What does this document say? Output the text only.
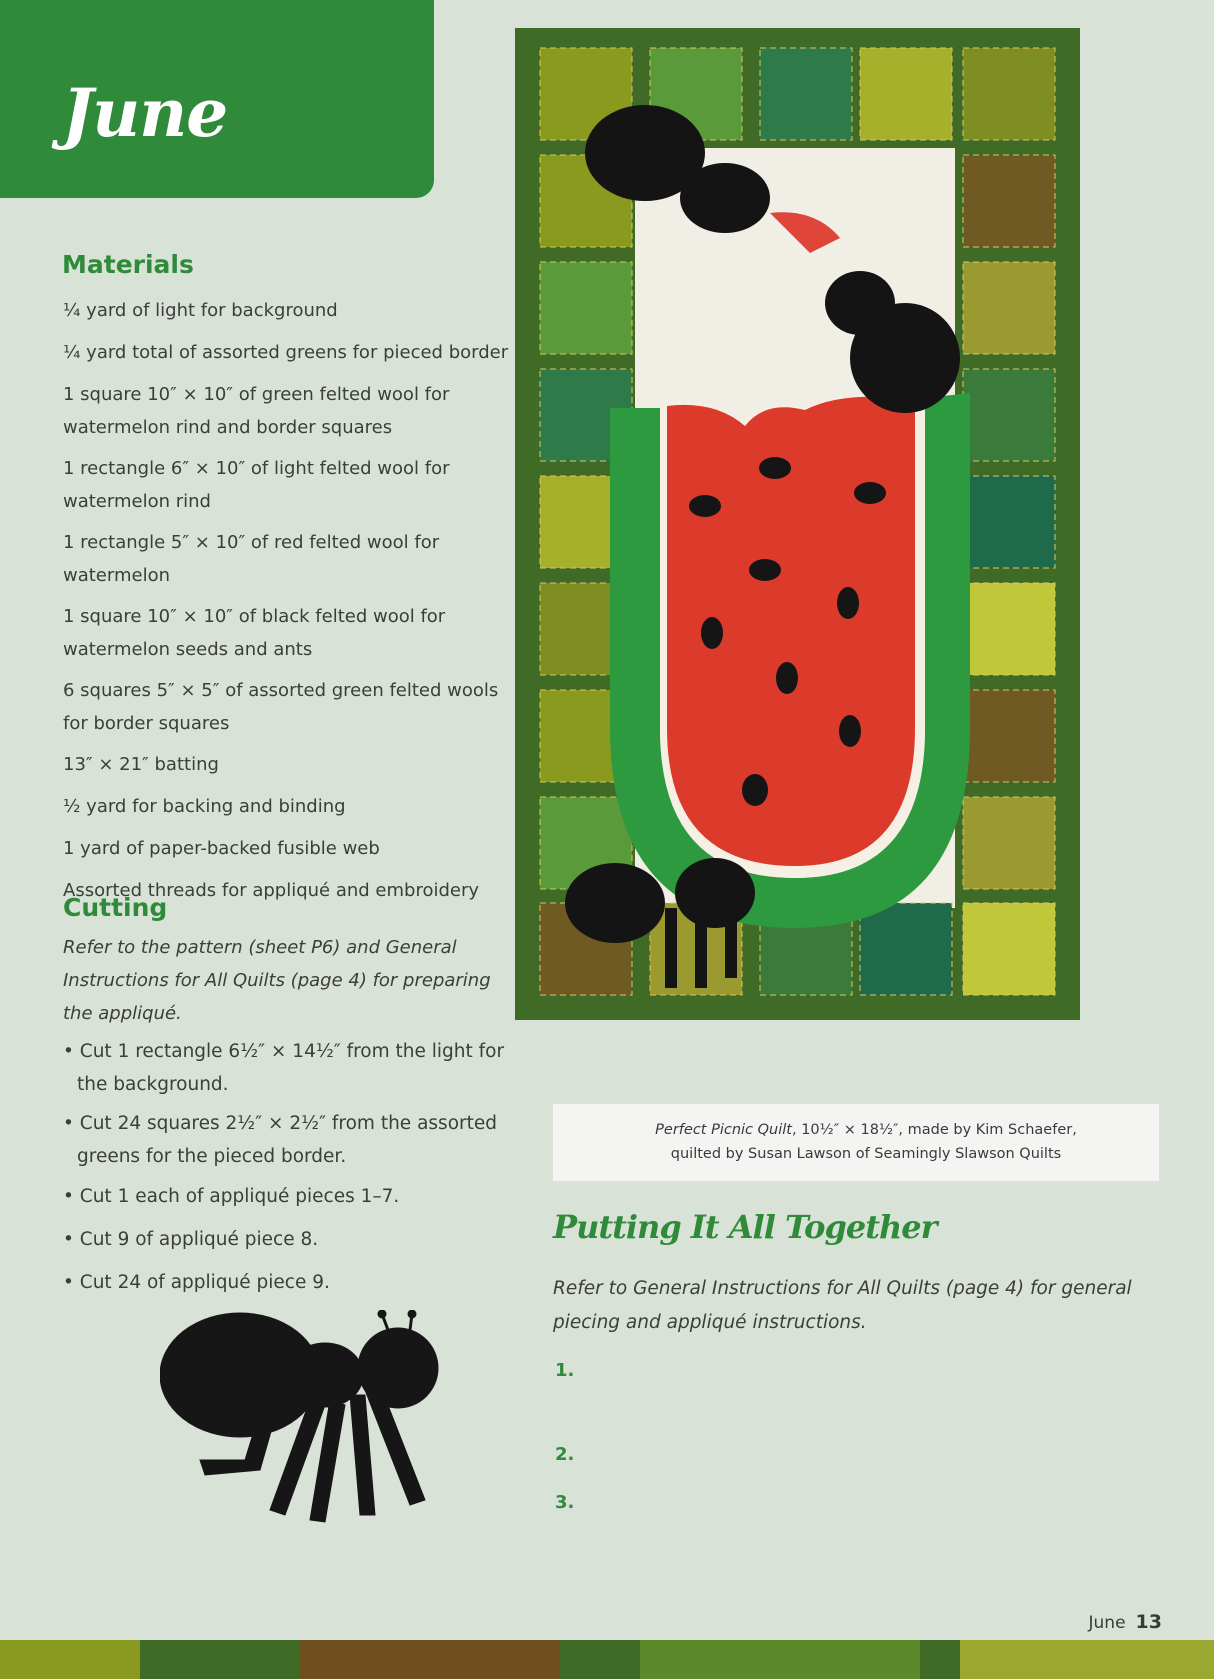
June
Materials
¼ yard of light for background
¼ yard total of assorted greens for pieced border
1 square 10″ × 10″ of green felted wool for watermelon rind and border squares
1 rectangle 6″ × 10″ of light felted wool for watermelon rind
1 rectangle 5″ × 10″ of red felted wool for watermelon
1 square 10″ × 10″ of black felted wool for watermelon seeds and ants
6 squares 5″ × 5″ of assorted green felted wools for border squares
13″ × 21″ batting
½ yard for backing and binding
1 yard of paper-backed fusible web
Assorted threads for appliqué and embroidery
Cutting
Refer to the pattern (sheet P6) and General Instructions for All Quilts (page 4) for preparing the appliqué.
• Cut 1 rectangle 6½″ × 14½″ from the light for the background.
• Cut 24 squares 2½″ × 2½″ from the assorted greens for the pieced border.
• Cut 1 each of appliqué pieces 1–7.
• Cut 9 of appliqué piece 8.
• Cut 24 of appliqué piece 9.
Perfect Picnic Quilt, 10½″ × 18½″, made by Kim Schaefer,
quilted by Susan Lawson of Seamingly Slawson Quilts
Putting It All Together
Refer to General Instructions for All Quilts (page 4) for general piecing and appliqué instructions.
1.
2.
3.
June 13
